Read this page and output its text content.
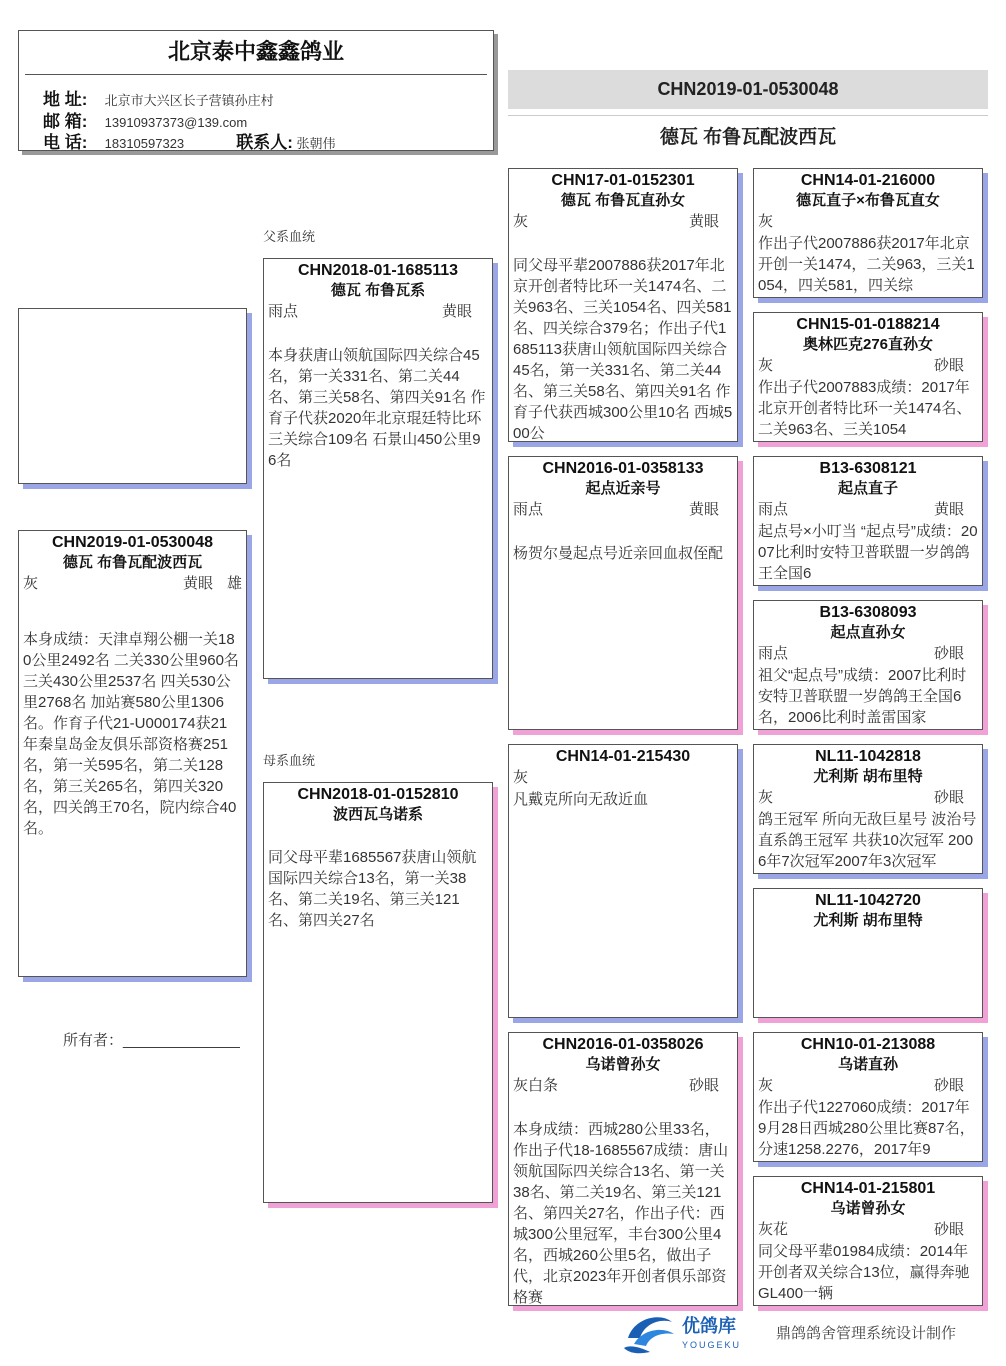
北京泰中鑫鑫鸽业
地 址: 北京市大兴区长子营镇孙庄村
邮 箱: 13910937373@139.com
电 话: 18310597323	联系人: 张朝伟
CHN2019-01-0530048
德瓦 布鲁瓦配波西瓦
CHN2019-01-0530048
德瓦 布鲁瓦配波西瓦
灰	黄眼 雄
本身成绩：天津卓翔公棚一关180公里2492名 二关330公里960名 三关430公里2537名 四关530公里2768名 加站赛580公里1306名。作育子代21-U000174获21年秦皇岛金友俱乐部资格赛251名，第一关595名，第二关128名，第三关265名，第四关320名，四关鸽王70名，院内综合40名。
所有者：______________
父系血统
母系血统
CHN2018-01-1685113
德瓦 布鲁瓦系
雨点	黄眼
本身获唐山领航国际四关综合45名，第一关331名、第二关44名、第三关58名、第四关91名 作育子代获2020年北京琨廷特比环三关综合109名 石景山450公里96名
CHN2018-01-0152810
波西瓦乌诺系
同父母平辈1685567获唐山领航国际四关综合13名，第一关38名、第二关19名、第三关121名、第四关27名
CHN17-01-0152301
德瓦 布鲁瓦直孙女
灰	黄眼
同父母平辈2007886获2017年北京开创者特比环一关1474名、二关963名、三关1054名、四关581名、四关综合379名；作出子代1685113获唐山领航国际四关综合45名，第一关331名、第二关44名、第三关58名、第四关91名 作育子代获西城300公里10名 西城500公
CHN2016-01-0358133
起点近亲号
雨点	黄眼
杨贺尔曼起点号近亲回血叔侄配
CHN14-01-215430
灰
凡戴克所向无敌近血
CHN2016-01-0358026
乌诺曾孙女
灰白条	砂眼
本身成绩：西城280公里33名，作出子代18-1685567成绩：唐山领航国际四关综合13名、第一关38名、第二关19名、第三关121名、第四关27名，作出子代：西城300公里冠军，丰台300公里4名，西城260公里5名，做出子代，北京2023年开创者俱乐部资格赛
CHN14-01-216000
德瓦直子×布鲁瓦直女
灰
作出子代2007886获2017年北京开创一关1474，二关963，三关1054，四关581，四关综
CHN15-01-0188214
奥林匹克276直孙女
灰	砂眼
作出子代2007883成绩：2017年北京开创者特比环一关1474名、二关963名、三关1054
B13-6308121
起点直子
雨点	黄眼
起点号×小叮当 “起点号”成绩：2007比利时安特卫普联盟一岁鸽鸽王全国6
B13-6308093
起点直孙女
雨点	砂眼
祖父“起点号”成绩：2007比利时安特卫普联盟一岁鸽鸽王全国6名，2006比利时盖雷国家
NL11-1042818
尤利斯 胡布里特
灰	砂眼
鸽王冠军 所向无敌巨星号 波治号直系鸽王冠军 共获10次冠军 2006年7次冠军2007年3次冠军
NL11-1042720
尤利斯 胡布里特
CHN10-01-213088
乌诺直孙
灰	砂眼
作出子代1227060成绩：2017年9月28日西城280公里比赛87名，分速1258.2276，2017年9
CHN14-01-215801
乌诺曾孙女
灰花	砂眼
同父母平辈01984成绩：2014年开创者双关综合13位，赢得奔驰GL400一辆
优鸽库
YOUGEKU
鼎鸽鸽舍管理系统设计制作
